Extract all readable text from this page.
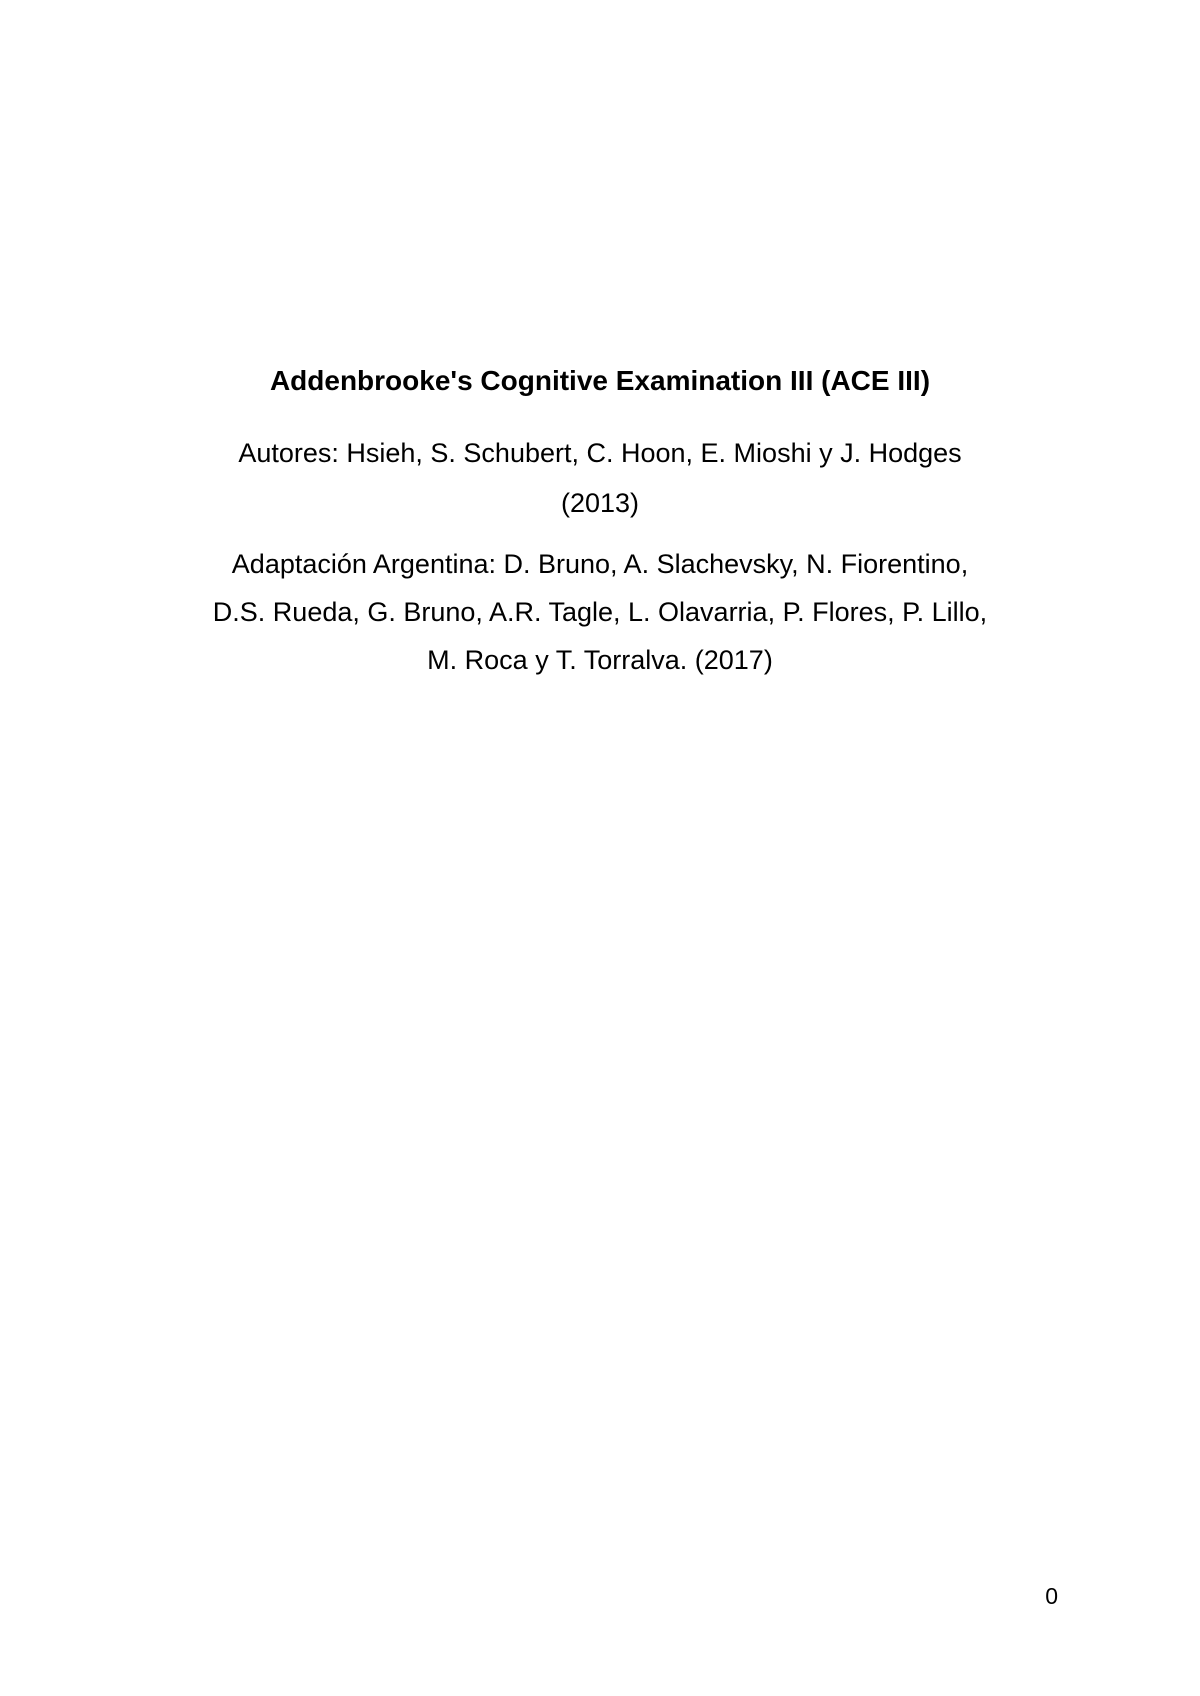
Addenbrooke's Cognitive Examination III (ACE III)

Autores: Hsieh, S. Schubert, C. Hoon, E. Mioshi y J. Hodges
(2013)

Adaptación Argentina: D. Bruno, A. Slachevsky, N. Fiorentino,
D.S. Rueda, G. Bruno, A.R. Tagle, L. Olavarria, P. Flores, P. Lillo,
M. Roca y T. Torralva. (2017)

0
